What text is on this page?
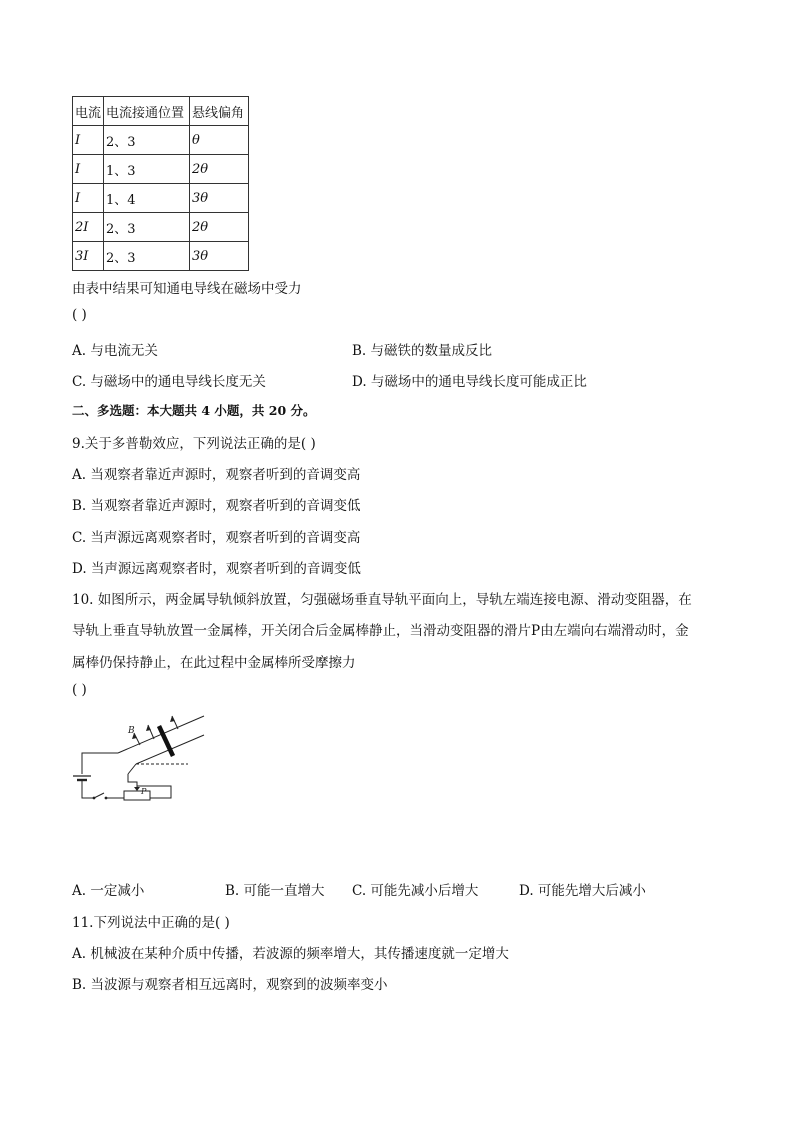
电流	电流接通位置	悬线偏角
I	2、3	θ
I	1、3	2θ
I	1、4	3θ
2I	2、3	2θ
3I	2、3	3θ
由表中结果可知通电导线在磁场中受力
( )
A. 与电流无关	B. 与磁铁的数量成反比
C. 与磁场中的通电导线长度无关	D. 与磁场中的通电导线长度可能成正比
二、多选题：本大题共 4 小题，共 20 分。
9.关于多普勒效应，下列说法正确的是( )
A. 当观察者靠近声源时，观察者听到的音调变高
B. 当观察者靠近声源时，观察者听到的音调变低
C. 当声源远离观察者时，观察者听到的音调变高
D. 当声源远离观察者时，观察者听到的音调变低
10. 如图所示，两金属导轨倾斜放置，匀强磁场垂直导轨平面向上，导轨左端连接电源、滑动变阻器，在
导轨上垂直导轨放置一金属棒，开关闭合后金属棒静止，当滑动变阻器的滑片P由左端向右端滑动时，金
属棒仍保持静止，在此过程中金属棒所受摩擦力
( )
B
P
A. 一定减小	B. 可能一直增大 C. 可能先减小后增大	D. 可能先增大后减小
11.下列说法中正确的是( )
A. 机械波在某种介质中传播，若波源的频率增大，其传播速度就一定增大
B. 当波源与观察者相互远离时，观察到的波频率变小
